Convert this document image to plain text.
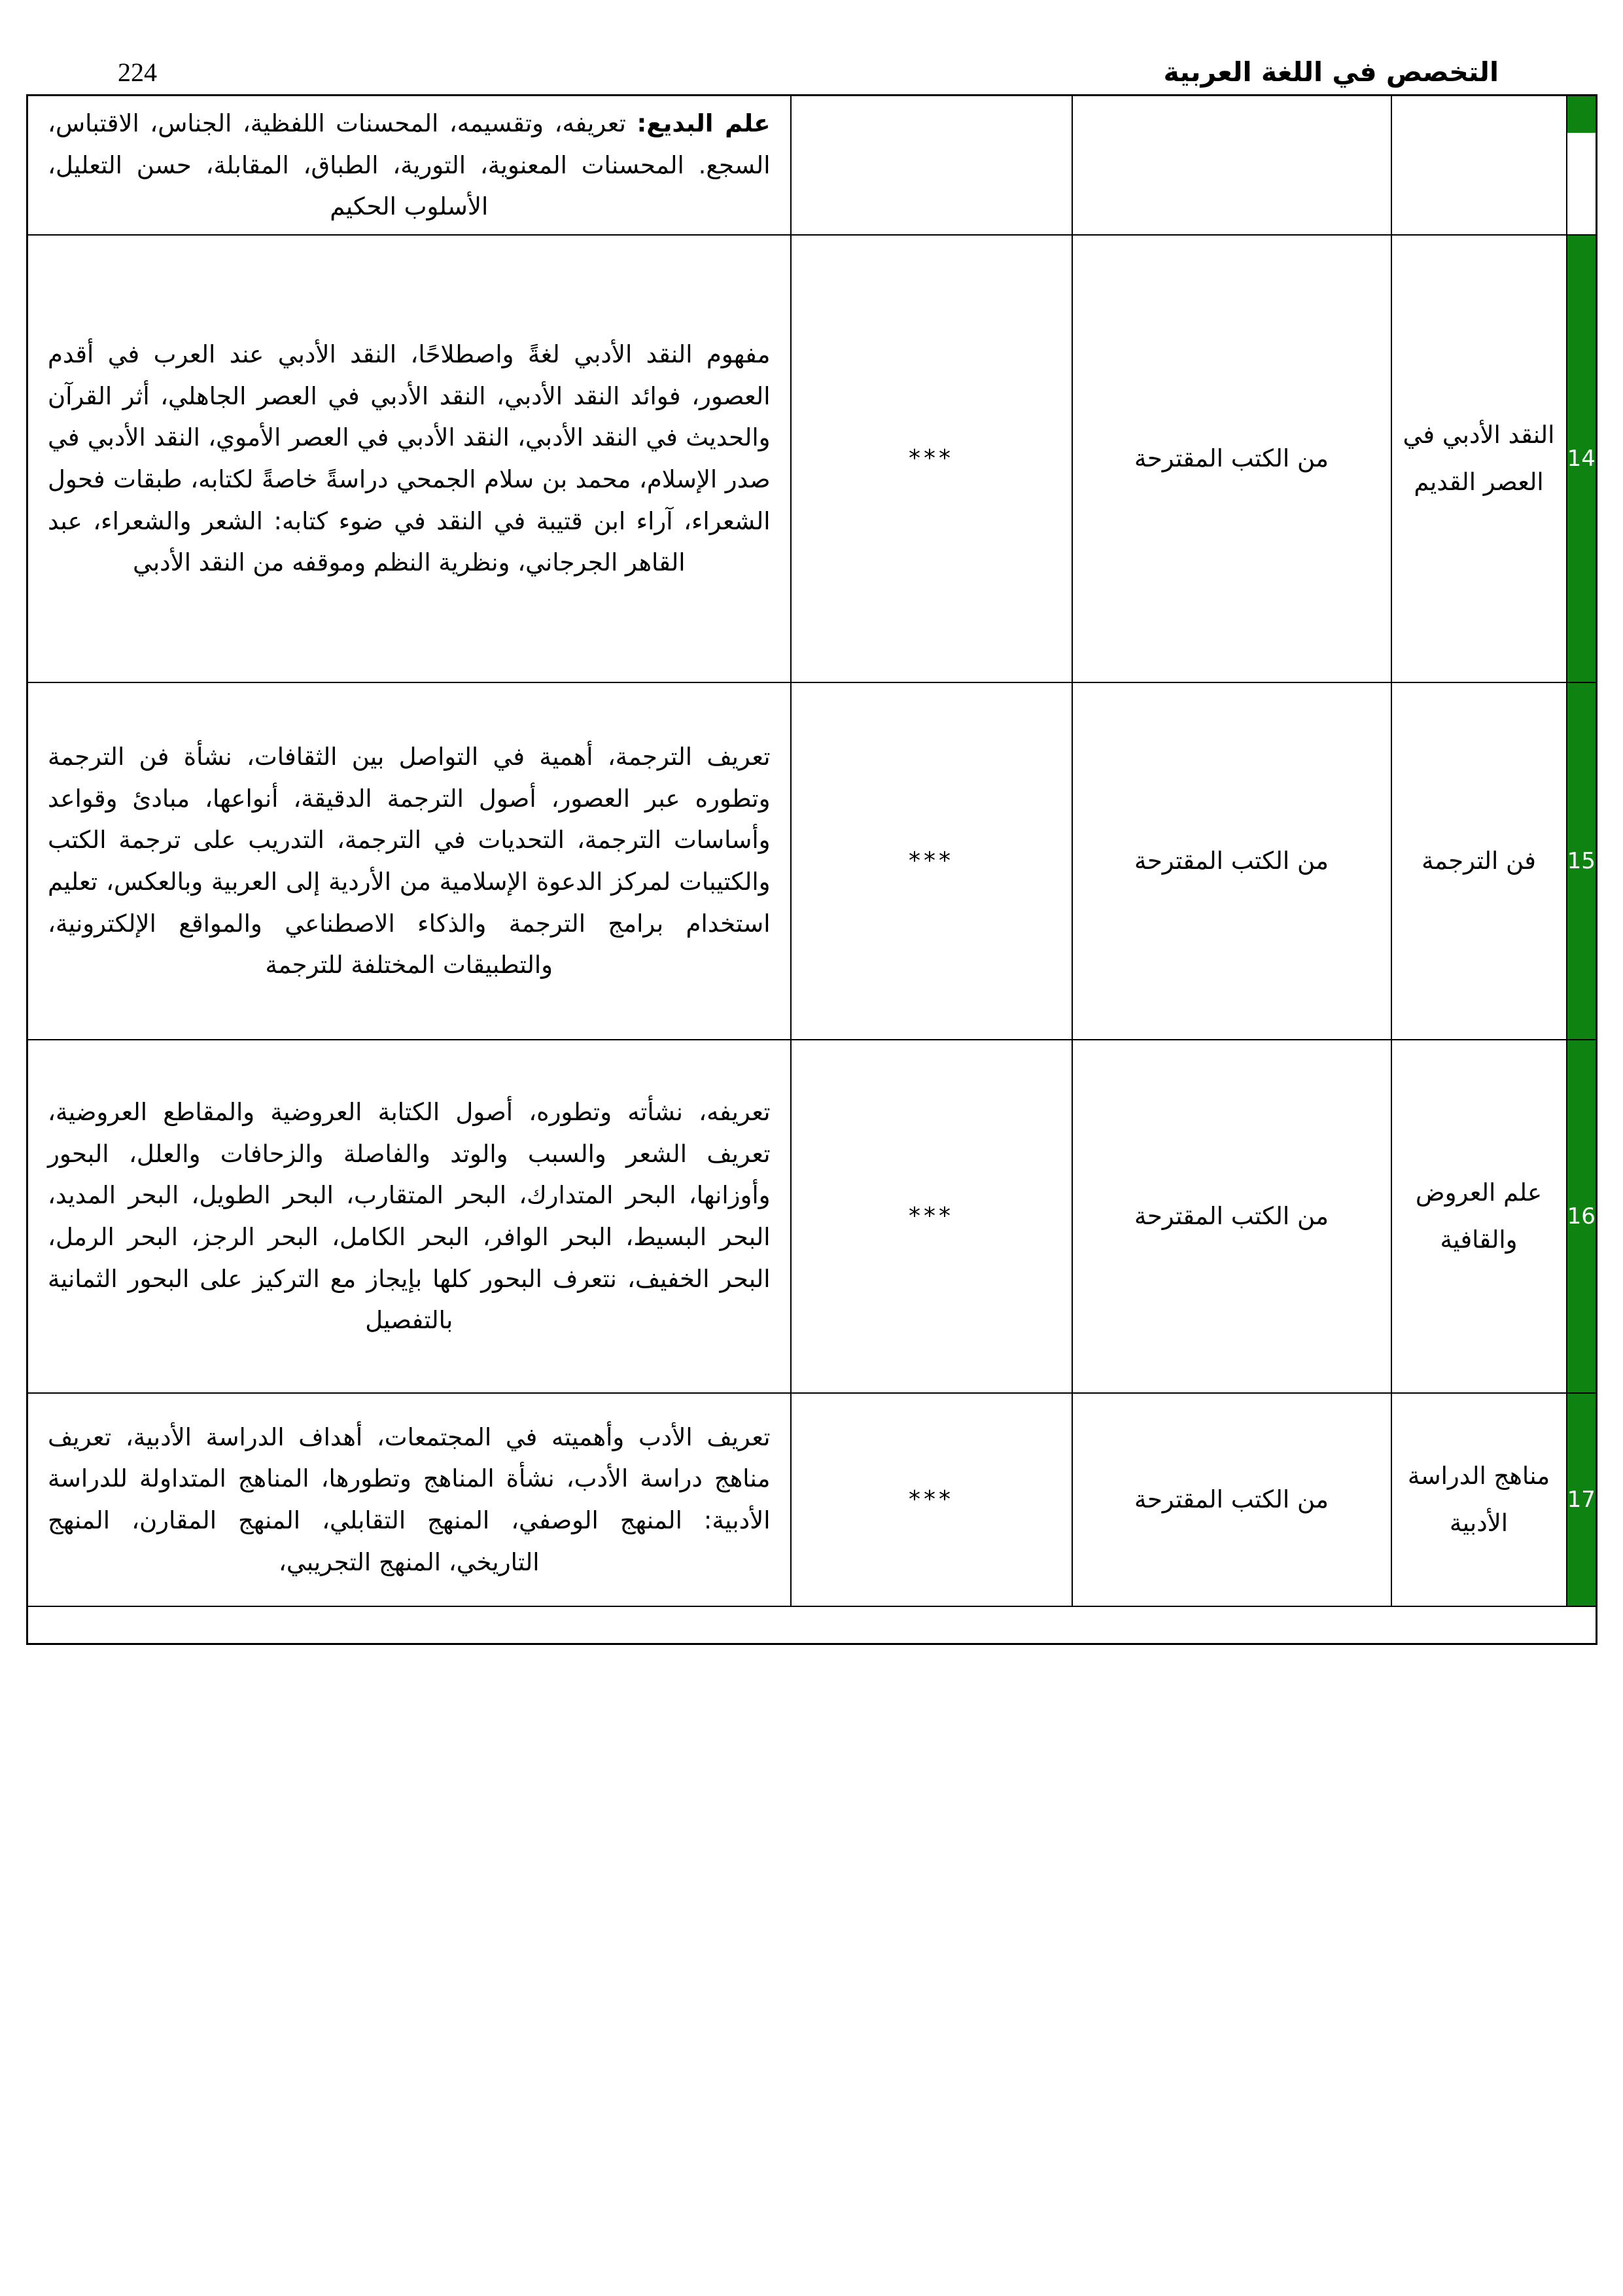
التخصص في اللغة العربية
224
				علم البديع: تعريفه، وتقسيمه، المحسنات اللفظية، الجناس، الاقتباس، السجع. المحسنات المعنوية، التورية، الطباق، المقابلة، حسن التعليل، الأسلوب الحكيم
14	النقد الأدبي في العصر القديم	من الكتب المقترحة	***	مفهوم النقد الأدبي لغةً واصطلاحًا، النقد الأدبي عند العرب في أقدم العصور، فوائد النقد الأدبي، النقد الأدبي في العصر الجاهلي، أثر القرآن والحديث في النقد الأدبي، النقد الأدبي في العصر الأموي، النقد الأدبي في صدر الإسلام، محمد بن سلام الجمحي دراسةً خاصةً لكتابه، طبقات فحول الشعراء، آراء ابن قتيبة في النقد في ضوء كتابه: الشعر والشعراء، عبد القاهر الجرجاني، ونظرية النظم وموقفه من النقد الأدبي
15	فن الترجمة	من الكتب المقترحة	***	تعريف الترجمة، أهمية في التواصل بين الثقافات، نشأة فن الترجمة وتطوره عبر العصور، أصول الترجمة الدقيقة، أنواعها، مبادئ وقواعد وأساسات الترجمة، التحديات في الترجمة، التدريب على ترجمة الكتب والكتيبات لمركز الدعوة الإسلامية من الأردية إلى العربية وبالعكس، تعليم استخدام برامج الترجمة والذكاء الاصطناعي والمواقع الإلكترونية، والتطبيقات المختلفة للترجمة
16	علم العروض والقافية	من الكتب المقترحة	***	تعريفه، نشأته وتطوره، أصول الكتابة العروضية والمقاطع العروضية، تعريف الشعر والسبب والوتد والفاصلة والزحافات والعلل، البحور وأوزانها، البحر المتدارك، البحر المتقارب، البحر الطويل، البحر المديد، البحر البسيط، البحر الوافر، البحر الكامل، البحر الرجز، البحر الرمل، البحر الخفيف، نتعرف البحور كلها بإيجاز مع التركيز على البحور الثمانية بالتفصيل
17	مناهج الدراسة الأدبية	من الكتب المقترحة	***	تعريف الأدب وأهميته في المجتمعات، أهداف الدراسة الأدبية، تعريف مناهج دراسة الأدب، نشأة المناهج وتطورها، المناهج المتداولة للدراسة الأدبية: المنهج الوصفي، المنهج التقابلي، المنهج المقارن، المنهج التاريخي، المنهج التجريبي،
